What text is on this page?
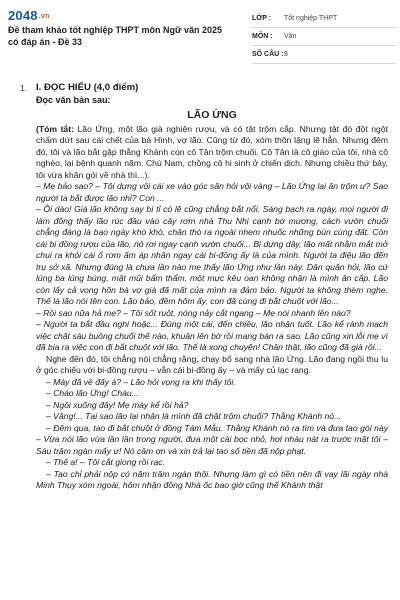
2048.vn
Đề tham khảo tốt nghiệp THPT môn Ngữ văn 2025 có đáp án - Đề 33
LỚP :	Tốt nghiệp THPT
MÔN :	Văn
SỐ CÂU : 8
1. I. ĐỌC HIỂU (4,0 điểm)
Đọc văn bản sau:
LÃO ỨNG

(Tóm tắt: Lão Ứng, một lão già nghiện rượu, và có tật trộm cắp. Nhưng tật đó đột ngột chấm dứt sau cái chết của bà Hình, vợ lão. Cũng từ đó, xóm thôn lặng lẽ hẳn. Nhưng đêm đó, tôi và lão bắt gặp thằng Khánh con cô Tân trộm chuối. Cô Tân là cô giáo của tôi, nhà cô nghèo, lại bệnh quanh năm. Chú Nam, chồng cô hi sinh ở chiến dịch. Nhưng chiều thứ bảy, tôi vừa khăn gói về nhà thì...).

– Mẹ bảo sao? – Tôi dựng vội cái xe vào góc sân hỏi vội vàng – Lão Ứng lại ăn trộm ư? Sao người ta bắt được lão nhỉ? Con ...

– Ôi dào! Giá lão không say bí tỉ có lẽ cũng chẳng bắt nổi. Sáng bạch ra ngày, mọi người đi làm đồng thấy lão rúc đầu vào cây rơm nhà Thu Nhị cạnh bờ mương, cách vườn chuối chẳng đáng là bao ngáy khò khò, chân thò ra ngoài nhem nhuốc những bùn cùng đất. Còn cái bị đồng rượu của lão, nó rơi ngay cạnh vườn chuối... Bị dựng dây, lão mất nhằm mắt mở chui ra khỏi cái ổ rơm ấm áp nhăn ngay cái bi-đồng ấy là của mình. Người ta điệu lão đến trụ sở xã. Nhưng đúng là chưa lần nào mẹ thấy lão Ứng như lần này. Dân quân hỏi, lão cứ lúng ba lúng búng, mặt mũi bẩm thẩm, một mực kêu oan không nhận là mình ăn cắp. Lão còn lấy cả vong hồn bà vợ già đã mất của mình ra đảm bảo. Người ta không thèm nghe. Thế là lão nói tên con. Lão bảo, đêm hôm ấy, con đã cùng đi bắt chuột với lão...

– Rồi sao nữa hả mẹ? – Tôi sốt ruột, nóng nảy cắt ngang – Mẹ nói nhanh lên nào?

– Người ta bắt đầu nghi hoặc... Đúng một cái, đến chiều, lão nhận tuốt. Lão kể rành mạch việc chặt sáu buồng chuối thế nào, khuân lên bờ rồi mang bán ra sao. Lão cũng xin lỗi mẹ vì đã bịa ra việc con đi bắt chuột với lão. Thế là xong chuyện! Chân thật, lão cũng đã già rồi...

Nghe đến đó, tôi chẳng nói chẳng rằng, chạy bổ sang nhà lão Ứng. Lão đang ngồi thu lu ở góc chiếu với bi-đồng rượu – vẫn cái bi-đồng ấy – và mấy củ lạc rang.

– Mày đã về đấy à? – Lão hỏi vọng ra khi thấy tôi.

– Cháo lão Ứng! Cháu...

– Ngồi xuống đây! Mẹ mày kể rồi hả?

– Vâng!... Tại sao lão lại nhận là mình đã chặt trộm chuối? Thằng Khánh nó...

– Đêm qua, tao đi bắt chuột ở đồng Tám Mẫu. Thằng Khánh nó ra tìm và đưa tao gói này – Vừa nói lão vừa lần lần trong người, đưa một cái bọc nhỏ, hơi nhàu nát ra trước mặt tôi – Sáu trăm ngàn mấy ư! Nó cầm ơn và xin trả lại tao số tiền đã nộp phạt.

– Thế ạ! – Tôi cắt giọng rồi rạc.

– Tao chỉ phải nộp có năm trăm ngàn thôi. Nhưng làm gì có tiền nên đi vay lãi ngày nhà Minh Thụy xóm ngoài, hôm nhận đồng Nhà ốc bao giờ cũng thế Khánh thật
